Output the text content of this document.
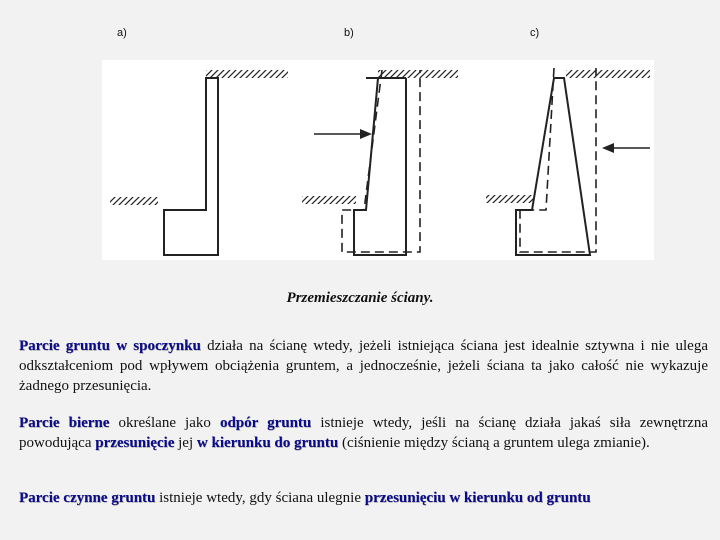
a)	b)	c)
Przemieszczanie ściany.

Parcie gruntu w spoczynku działa na ścianę wtedy, jeżeli istniejąca ściana jest idealnie sztywna i nie ulega odkształceniom pod wpływem obciążenia gruntem, a jednocześnie, jeżeli ściana ta jako całość nie wykazuje żadnego przesunięcia.

Parcie bierne określane jako odpór gruntu istnieje wtedy, jeśli na ścianę działa jakaś siła zewnętrzna powodująca przesunięcie jej w kierunku do gruntu (ciśnienie między ścianą a gruntem ulega zmianie).

Parcie czynne gruntu istnieje wtedy, gdy ściana ulegnie przesunięciu w kierunku od gruntu
